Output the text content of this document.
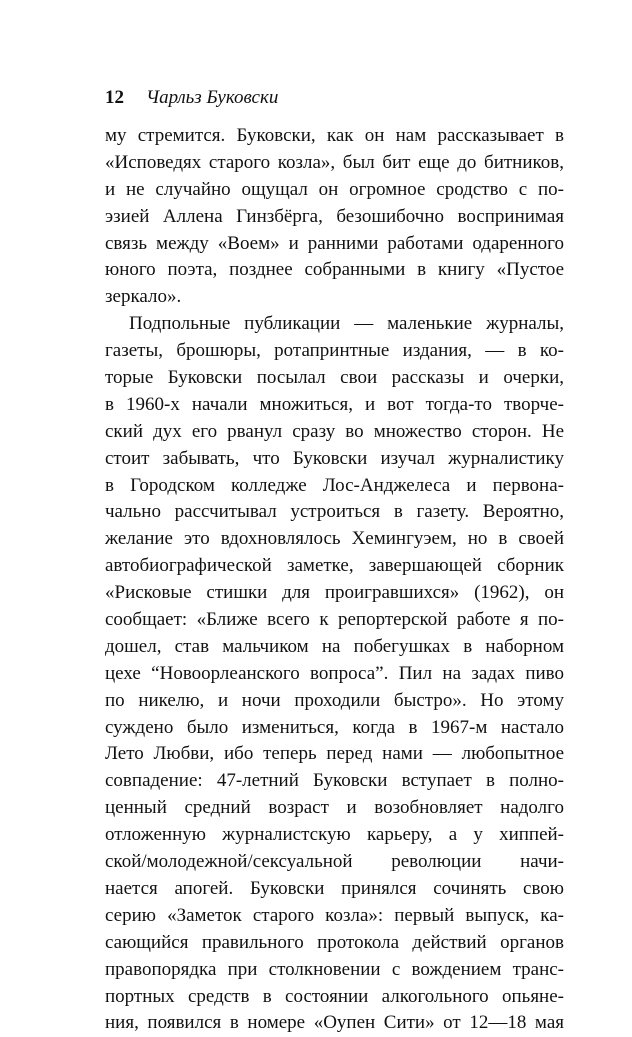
12 Чарльз Буковски
му стремится. Буковски, как он нам рассказывает в
«Исповедях старого козла», был бит еще до битников,
и не случайно ощущал он огромное сродство с по-
эзией Аллена Гинзбёрга, безошибочно воспринимая
связь между «Воем» и ранними работами одаренного
юного поэта, позднее собранными в книгу «Пустое
зеркало».
Подпольные публикации — маленькие журналы,
газеты, брошюры, ротапринтные издания, — в ко-
торые Буковски посылал свои рассказы и очерки,
в 1960-х начали множиться, и вот тогда-то творче-
ский дух его рванул сразу во множество сторон. Не
стоит забывать, что Буковски изучал журналистику
в Городском колледже Лос-Анджелеса и первона-
чально рассчитывал устроиться в газету. Вероятно,
желание это вдохновлялось Хемингуэем, но в своей
автобиографической заметке, завершающей сборник
«Рисковые стишки для проигравшихся» (1962), он
сообщает: «Ближе всего к репортерской работе я по-
дошел, став мальчиком на побегушках в наборном
цехе “Новоорлеанского вопроса”. Пил на задах пиво
по никелю, и ночи проходили быстро». Но этому
суждено было измениться, когда в 1967-м настало
Лето Любви, ибо теперь перед нами — любопытное
совпадение: 47-летний Буковски вступает в полно-
ценный средний возраст и возобновляет надолго
отложенную журналистскую карьеру, а у хиппей-
ской/молодежной/сексуальной революции начи-
нается апогей. Буковски принялся сочинять свою
серию «Заметок старого козла»: первый выпуск, ка-
сающийся правильного протокола действий органов
правопорядка при столкновении с вождением транс-
портных средств в состоянии алкогольного опьяне-
ния, появился в номере «Оупен Сити» от 12—18 мая
